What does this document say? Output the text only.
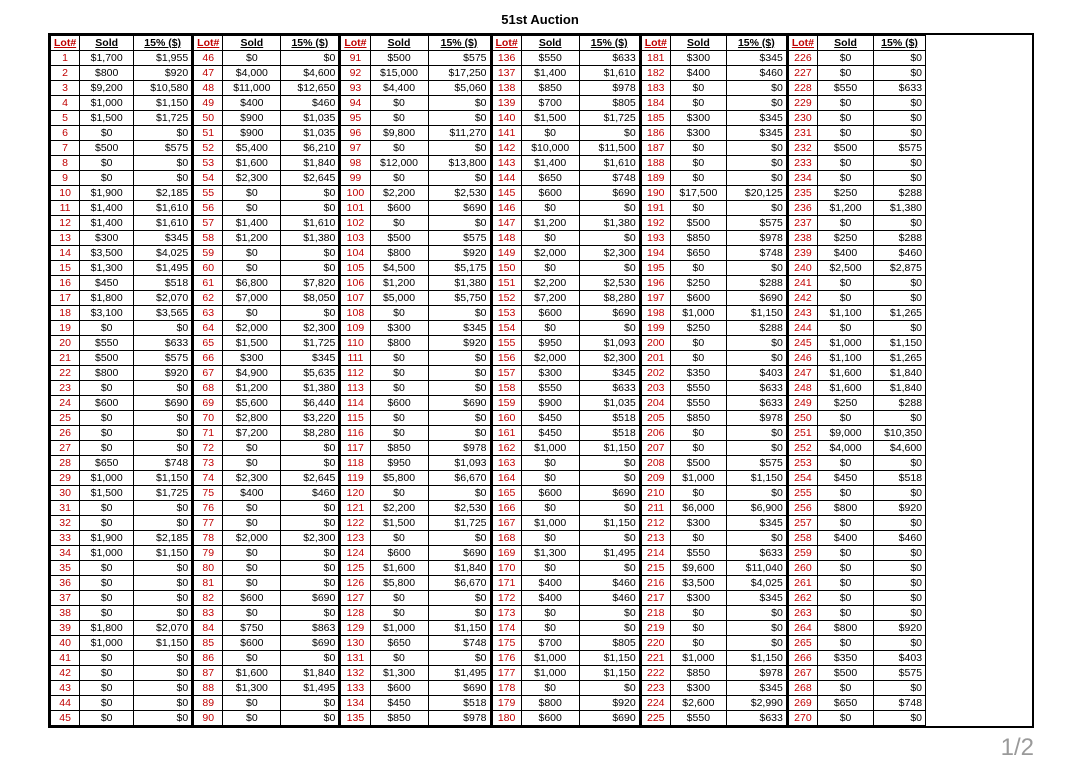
51st Auction
Lot#	Sold	15% ($)
1	$1,700	$1,955
2	$800	$920
3	$9,200	$10,580
4	$1,000	$1,150
5	$1,500	$1,725
6	$0	$0
7	$500	$575
8	$0	$0
9	$0	$0
10	$1,900	$2,185
11	$1,400	$1,610
12	$1,400	$1,610
13	$300	$345
14	$3,500	$4,025
15	$1,300	$1,495
16	$450	$518
17	$1,800	$2,070
18	$3,100	$3,565
19	$0	$0
20	$550	$633
21	$500	$575
22	$800	$920
23	$0	$0
24	$600	$690
25	$0	$0
26	$0	$0
27	$0	$0
28	$650	$748
29	$1,000	$1,150
30	$1,500	$1,725
31	$0	$0
32	$0	$0
33	$1,900	$2,185
34	$1,000	$1,150
35	$0	$0
36	$0	$0
37	$0	$0
38	$0	$0
39	$1,800	$2,070
40	$1,000	$1,150
41	$0	$0
42	$0	$0
43	$0	$0
44	$0	$0
45	$0	$0
Lot#	Sold	15% ($)
46	$0	$0
47	$4,000	$4,600
48	$11,000	$12,650
49	$400	$460
50	$900	$1,035
51	$900	$1,035
52	$5,400	$6,210
53	$1,600	$1,840
54	$2,300	$2,645
55	$0	$0
56	$0	$0
57	$1,400	$1,610
58	$1,200	$1,380
59	$0	$0
60	$0	$0
61	$6,800	$7,820
62	$7,000	$8,050
63	$0	$0
64	$2,000	$2,300
65	$1,500	$1,725
66	$300	$345
67	$4,900	$5,635
68	$1,200	$1,380
69	$5,600	$6,440
70	$2,800	$3,220
71	$7,200	$8,280
72	$0	$0
73	$0	$0
74	$2,300	$2,645
75	$400	$460
76	$0	$0
77	$0	$0
78	$2,000	$2,300
79	$0	$0
80	$0	$0
81	$0	$0
82	$600	$690
83	$0	$0
84	$750	$863
85	$600	$690
86	$0	$0
87	$1,600	$1,840
88	$1,300	$1,495
89	$0	$0
90	$0	$0
Lot#	Sold	15% ($)
91	$500	$575
92	$15,000	$17,250
93	$4,400	$5,060
94	$0	$0
95	$0	$0
96	$9,800	$11,270
97	$0	$0
98	$12,000	$13,800
99	$0	$0
100	$2,200	$2,530
101	$600	$690
102	$0	$0
103	$500	$575
104	$800	$920
105	$4,500	$5,175
106	$1,200	$1,380
107	$5,000	$5,750
108	$0	$0
109	$300	$345
110	$800	$920
111	$0	$0
112	$0	$0
113	$0	$0
114	$600	$690
115	$0	$0
116	$0	$0
117	$850	$978
118	$950	$1,093
119	$5,800	$6,670
120	$0	$0
121	$2,200	$2,530
122	$1,500	$1,725
123	$0	$0
124	$600	$690
125	$1,600	$1,840
126	$5,800	$6,670
127	$0	$0
128	$0	$0
129	$1,000	$1,150
130	$650	$748
131	$0	$0
132	$1,300	$1,495
133	$600	$690
134	$450	$518
135	$850	$978
Lot#	Sold	15% ($)
136	$550	$633
137	$1,400	$1,610
138	$850	$978
139	$700	$805
140	$1,500	$1,725
141	$0	$0
142	$10,000	$11,500
143	$1,400	$1,610
144	$650	$748
145	$600	$690
146	$0	$0
147	$1,200	$1,380
148	$0	$0
149	$2,000	$2,300
150	$0	$0
151	$2,200	$2,530
152	$7,200	$8,280
153	$600	$690
154	$0	$0
155	$950	$1,093
156	$2,000	$2,300
157	$300	$345
158	$550	$633
159	$900	$1,035
160	$450	$518
161	$450	$518
162	$1,000	$1,150
163	$0	$0
164	$0	$0
165	$600	$690
166	$0	$0
167	$1,000	$1,150
168	$0	$0
169	$1,300	$1,495
170	$0	$0
171	$400	$460
172	$400	$460
173	$0	$0
174	$0	$0
175	$700	$805
176	$1,000	$1,150
177	$1,000	$1,150
178	$0	$0
179	$800	$920
180	$600	$690
Lot#	Sold	15% ($)
181	$300	$345
182	$400	$460
183	$0	$0
184	$0	$0
185	$300	$345
186	$300	$345
187	$0	$0
188	$0	$0
189	$0	$0
190	$17,500	$20,125
191	$0	$0
192	$500	$575
193	$850	$978
194	$650	$748
195	$0	$0
196	$250	$288
197	$600	$690
198	$1,000	$1,150
199	$250	$288
200	$0	$0
201	$0	$0
202	$350	$403
203	$550	$633
204	$550	$633
205	$850	$978
206	$0	$0
207	$0	$0
208	$500	$575
209	$1,000	$1,150
210	$0	$0
211	$6,000	$6,900
212	$300	$345
213	$0	$0
214	$550	$633
215	$9,600	$11,040
216	$3,500	$4,025
217	$300	$345
218	$0	$0
219	$0	$0
220	$0	$0
221	$1,000	$1,150
222	$850	$978
223	$300	$345
224	$2,600	$2,990
225	$550	$633
Lot#	Sold	15% ($)
226	$0	$0
227	$0	$0
228	$550	$633
229	$0	$0
230	$0	$0
231	$0	$0
232	$500	$575
233	$0	$0
234	$0	$0
235	$250	$288
236	$1,200	$1,380
237	$0	$0
238	$250	$288
239	$400	$460
240	$2,500	$2,875
241	$0	$0
242	$0	$0
243	$1,100	$1,265
244	$0	$0
245	$1,000	$1,150
246	$1,100	$1,265
247	$1,600	$1,840
248	$1,600	$1,840
249	$250	$288
250	$0	$0
251	$9,000	$10,350
252	$4,000	$4,600
253	$0	$0
254	$450	$518
255	$0	$0
256	$800	$920
257	$0	$0
258	$400	$460
259	$0	$0
260	$0	$0
261	$0	$0
262	$0	$0
263	$0	$0
264	$800	$920
265	$0	$0
266	$350	$403
267	$500	$575
268	$0	$0
269	$650	$748
270	$0	$0
1/2
